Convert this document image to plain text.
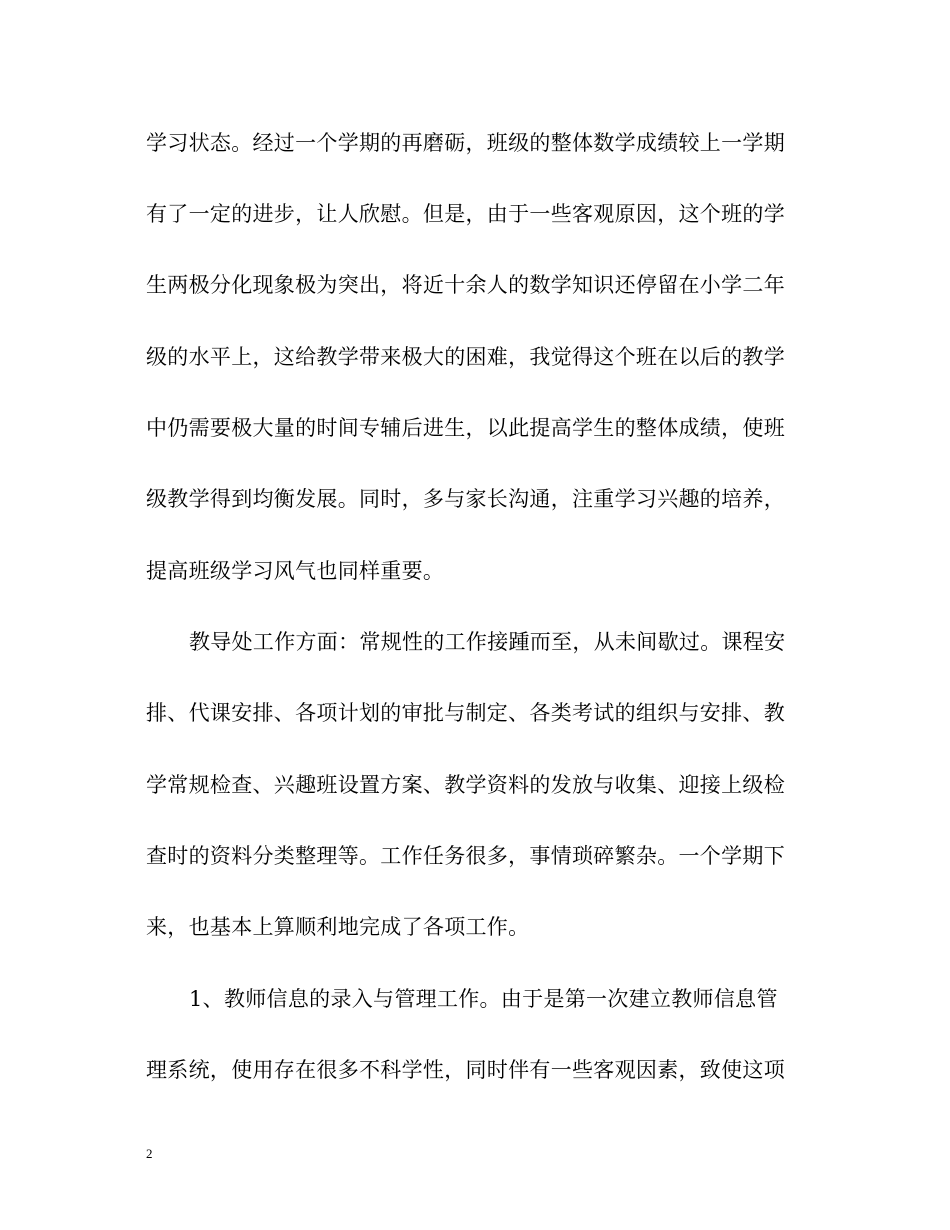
学习状态。经过一个学期的再磨砺，班级的整体数学成绩较上一学期
有了一定的进步，让人欣慰。但是，由于一些客观原因，这个班的学
生两极分化现象极为突出，将近十余人的数学知识还停留在小学二年
级的水平上，这给教学带来极大的困难，我觉得这个班在以后的教学
中仍需要极大量的时间专辅后进生，以此提高学生的整体成绩，使班
级教学得到均衡发展。同时，多与家长沟通，注重学习兴趣的培养，
提高班级学习风气也同样重要。
教导处工作方面：常规性的工作接踵而至，从未间歇过。课程安
排、代课安排、各项计划的审批与制定、各类考试的组织与安排、教
学常规检查、兴趣班设置方案、教学资料的发放与收集、迎接上级检
查时的资料分类整理等。工作任务很多，事情琐碎繁杂。一个学期下
来，也基本上算顺利地完成了各项工作。
1、教师信息的录入与管理工作。由于是第一次建立教师信息管
理系统，使用存在很多不科学性，同时伴有一些客观因素，致使这项
2
